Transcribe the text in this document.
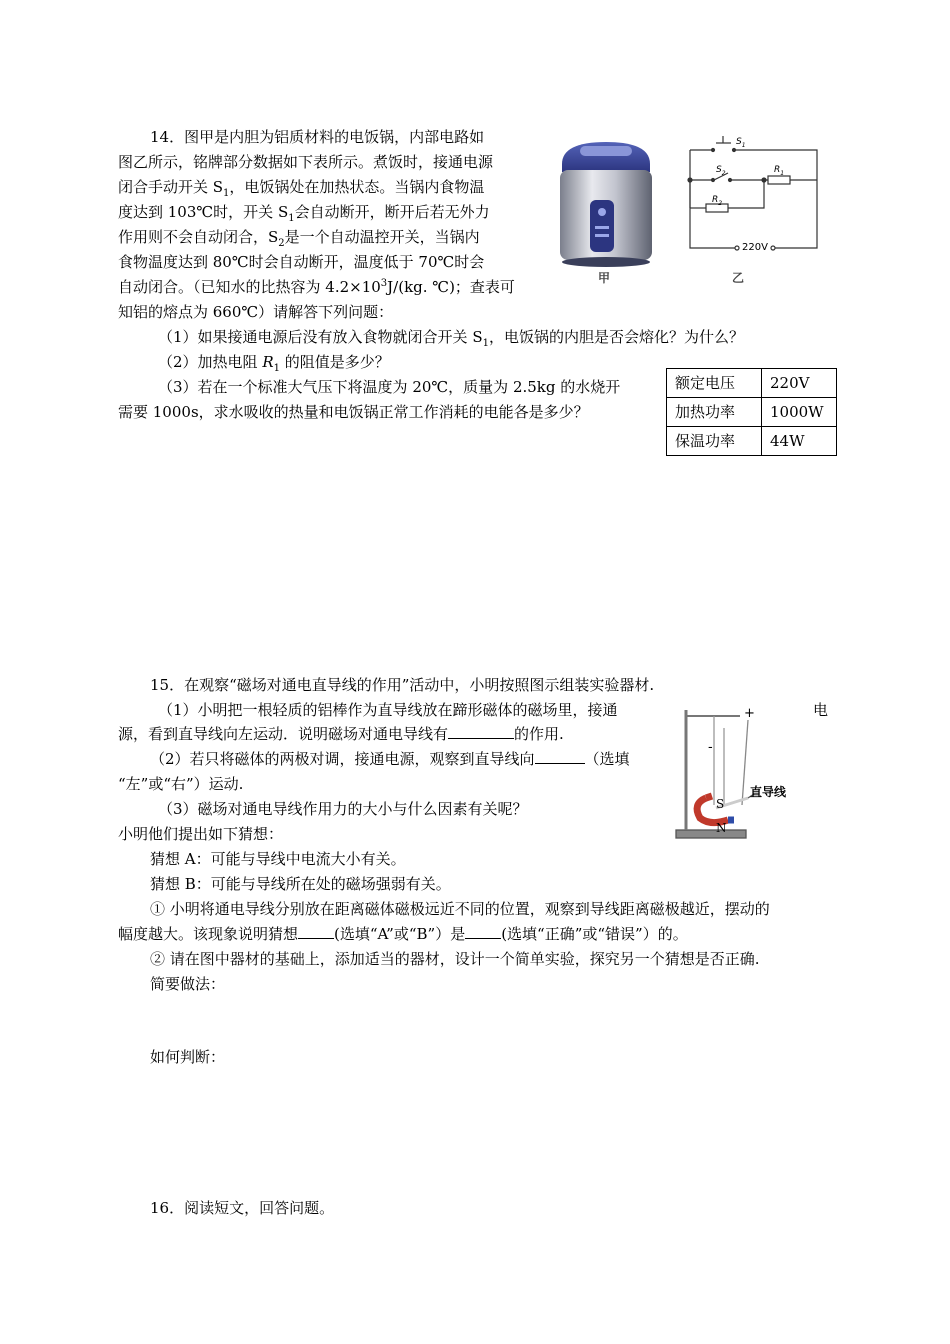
14．图甲是内胆为铝质材料的电饭锅，内部电路如
图乙所示，铭牌部分数据如下表所示。煮饭时，接通电源
闭合手动开关 $S_1$，电饭锅处在加热状态。当锅内食物温
度达到 103℃时，开关 $S_1$会自动断开，断开后若无外力
作用则不会自动闭合，$S_2$是一个自动温控开关，当锅内
食物温度达到 80℃时会自动断开，温度低于 70℃时会
自动闭合。（已知水的比热容为 $4.2\times 10^3J/(kg$. ℃)；查表可
知铝的熔点为 660℃）请解答下列问题：
（1）如果接通电源后没有放入食物就闭合开关 $S_1$，电饭锅的内胆是否会熔化？为什么？
（2）加热电阻 $R_1$ 的阻值是多少？
（3）若在一个标准大气压下将温度为 20℃，质量为 2.5kg 的水烧开
需要 1000s，求水吸收的热量和电饭锅正常工作消耗的电能各是多少？
甲
$S_1$
$S_2$	$R_1$
$R_2$
220V
乙
额定电压	220V
加热功率	1000W
保温功率	44W
15．在观察“磁场对通电直导线的作用”活动中，小明按照图示组装实验器材.
（1）小明把一根轻质的铝棒作为直导线放在蹄形磁体的磁场里，接通	电
源，看到直导线向左运动．说明磁场对通电导线有	的作用.
（2）若只将磁体的两极对调，接通电源，观察到直导线向	（选填
“左”或“右”）运动.
（3）磁场对通电导线作用力的大小与什么因素有关呢？
小明他们提出如下猜想：
猜想 A：可能与导线中电流大小有关。
猜想 B：可能与导线所在处的磁场强弱有关。
① 小明将通电导线分别放在距离磁体磁极远近不同的位置，观察到导线距离磁极越近，摆动的
幅度越大。该现象说明猜想 (选填“A”或“B”）是 (选填“正确”或“错误”）的。
② 请在图中器材的基础上，添加适当的器材，设计一个简单实验，探究另一个猜想是否正确.
简要做法：
如何判断：
+
-
直导线
S
N
16．阅读短文，回答问题。
